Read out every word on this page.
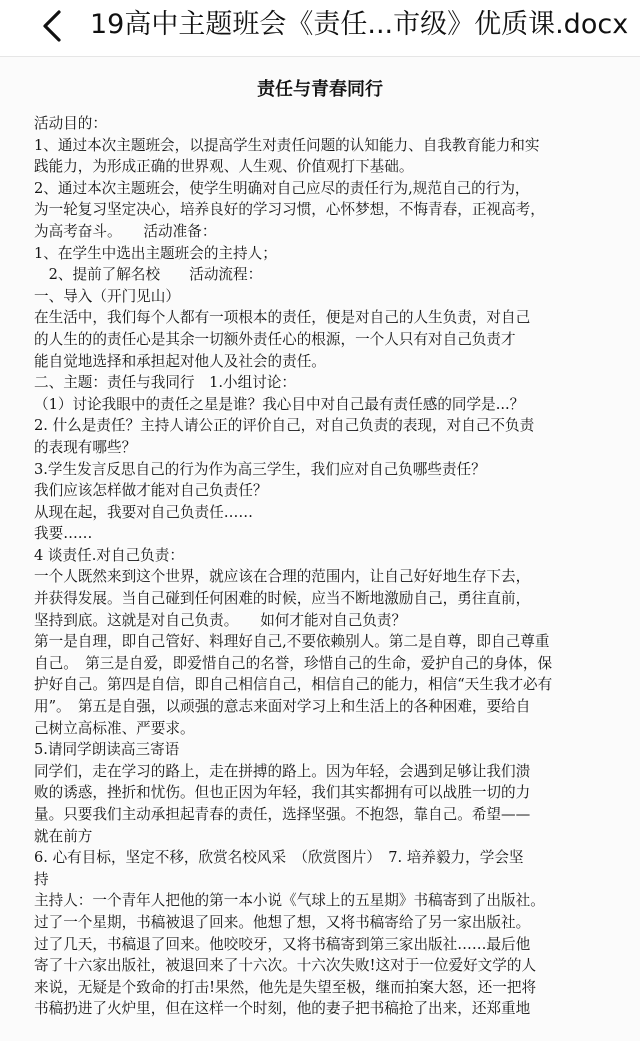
19高中主题班会《责任...市级》优质课.docx
责任与青春同行

活动目的：

1、通过本次主题班会，以提高学生对责任问题的认知能力、自我教育能力和实

践能力，为形成正确的世界观、人生观、价值观打下基础。

2、通过本次主题班会，使学生明确对自己应尽的责任行为,规范自己的行为，

为一轮复习坚定决心，培养良好的学习习惯，心怀梦想，不悔青春，正视高考，

为高考奋斗。　　活动准备：

1、在学生中选出主题班会的主持人；

　2、提前了解名校　　活动流程：

一、导入（开门见山）

在生活中，我们每个人都有一项根本的责任，便是对自己的人生负责，对自己

的人生的的责任心是其余一切额外责任心的根源，一个人只有对自己负责才

能自觉地选择和承担起对他人及社会的责任。

二、主题：责任与我同行　1.小组讨论：

（1）讨论我眼中的责任之星是谁？我心目中对自己最有责任感的同学是...？

2. 什么是责任？主持人请公正的评价自己，对自己负责的表现，对自己不负责

的表现有哪些？

3.学生发言反思自己的行为作为高三学生，我们应对自己负哪些责任？

我们应该怎样做才能对自己负责任？

从现在起，我要对自己负责任……

我要……

4 谈责任.对自己负责：

一个人既然来到这个世界，就应该在合理的范围内，让自己好好地生存下去，

并获得发展。当自己碰到任何困难的时候，应当不断地激励自己，勇往直前，

坚持到底。这就是对自己负责。　　如何才能对自己负责？

第一是自理，即自己管好、料理好自己,不要依赖别人。第二是自尊，即自己尊重

自己。　第三是自爱，即爱惜自己的名誉，珍惜自己的生命，爱护自己的身体，保

护好自己。第四是自信，即自己相信自己，相信自己的能力，相信“天生我才必有

用”。　第五是自强，以顽强的意志来面对学习上和生活上的各种困难，要给自

己树立高标准、严要求。

5.请同学朗读高三寄语

同学们，走在学习的路上，走在拼搏的路上。因为年轻，会遇到足够让我们溃

败的诱惑，挫折和忧伤。但也正因为年轻，我们其实都拥有可以战胜一切的力

量。只要我们主动承担起青春的责任，选择坚强。不抱怨，靠自己。希望——

就在前方

6. 心有目标，坚定不移，欣赏名校风采　（欣赏图片）　7. 培养毅力，学会坚

持

主持人：一个青年人把他的第一本小说《气球上的五星期》书稿寄到了出版社。

过了一个星期，书稿被退了回来。他想了想，又将书稿寄给了另一家出版社。

过了几天，书稿退了回来。他咬咬牙，又将书稿寄到第三家出版社……最后他

寄了十六家出版社，被退回来了十六次。十六次失败!这对于一位爱好文学的人

来说，无疑是个致命的打击!果然，他先是失望至极，继而拍案大怒，还一把将

书稿扔进了火炉里，但在这样一个时刻，他的妻子把书稿抢了出来，还郑重地
